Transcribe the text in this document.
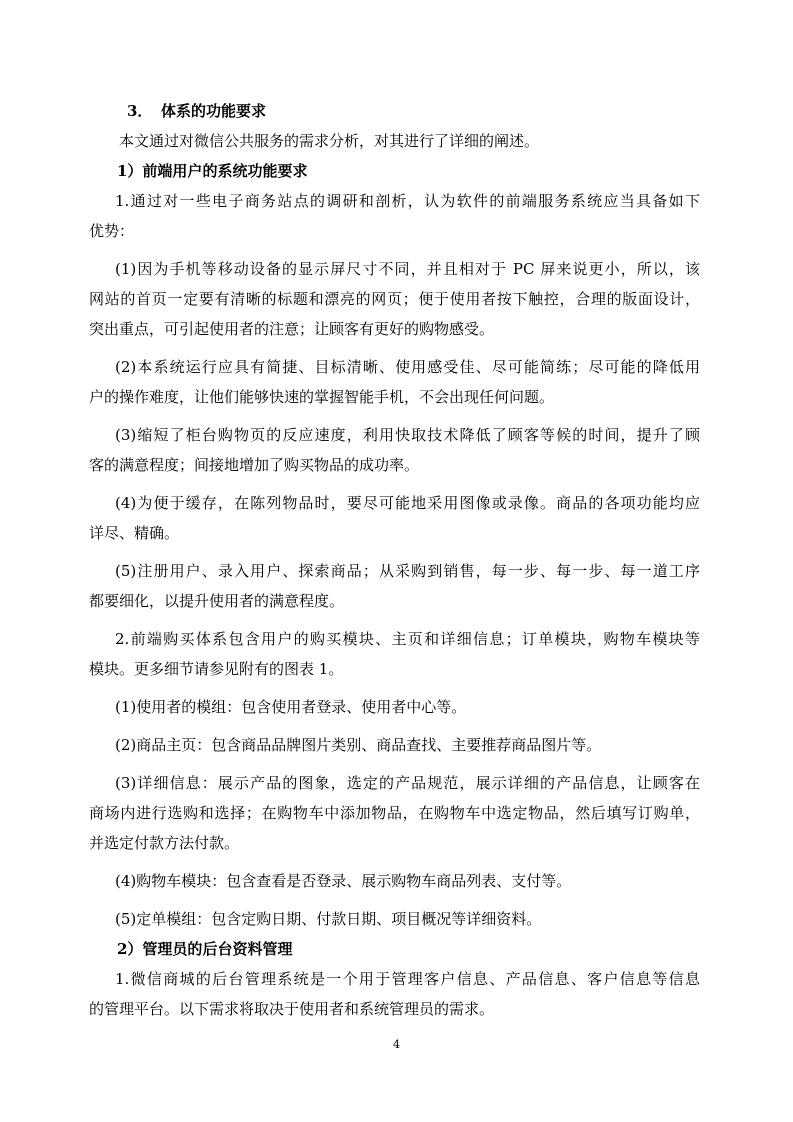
3． 体系的功能要求
本文通过对微信公共服务的需求分析，对其进行了详细的阐述。
1）前端用户的系统功能要求
1.通过对一些电子商务站点的调研和剖析，认为软件的前端服务系统应当具备如下
优势：
(1)因为手机等移动设备的显示屏尺寸不同，并且相对于 PC 屏来说更小，所以，该
网站的首页一定要有清晰的标题和漂亮的网页；便于使用者按下触控，合理的版面设计，
突出重点，可引起使用者的注意；让顾客有更好的购物感受。
(2)本系统运行应具有简捷、目标清晰、使用感受佳、尽可能简练；尽可能的降低用
户的操作难度，让他们能够快速的掌握智能手机，不会出现任何问题。
(3)缩短了柜台购物页的反应速度，利用快取技术降低了顾客等候的时间，提升了顾
客的满意程度；间接地增加了购买物品的成功率。
(4)为便于缓存，在陈列物品时，要尽可能地采用图像或录像。商品的各项功能均应
详尽、精确。
(5)注册用户、录入用户、探索商品；从采购到销售，每一步、每一步、每一道工序
都要细化，以提升使用者的满意程度。
2.前端购买体系包含用户的购买模块、主页和详细信息；订单模块，购物车模块等
模块。更多细节请参见附有的图表 1。
(1)使用者的模组：包含使用者登录、使用者中心等。
(2)商品主页：包含商品品牌图片类别、商品查找、主要推荐商品图片等。
(3)详细信息：展示产品的图象，选定的产品规范，展示详细的产品信息，让顾客在
商场内进行选购和选择；在购物车中添加物品，在购物车中选定物品，然后填写订购单，
并选定付款方法付款。
(4)购物车模块：包含查看是否登录、展示购物车商品列表、支付等。
(5)定单模组：包含定购日期、付款日期、项目概况等详细资料。
2）管理员的后台资料管理
1.微信商城的后台管理系统是一个用于管理客户信息、产品信息、客户信息等信息
的管理平台。以下需求将取决于使用者和系统管理员的需求。
4
